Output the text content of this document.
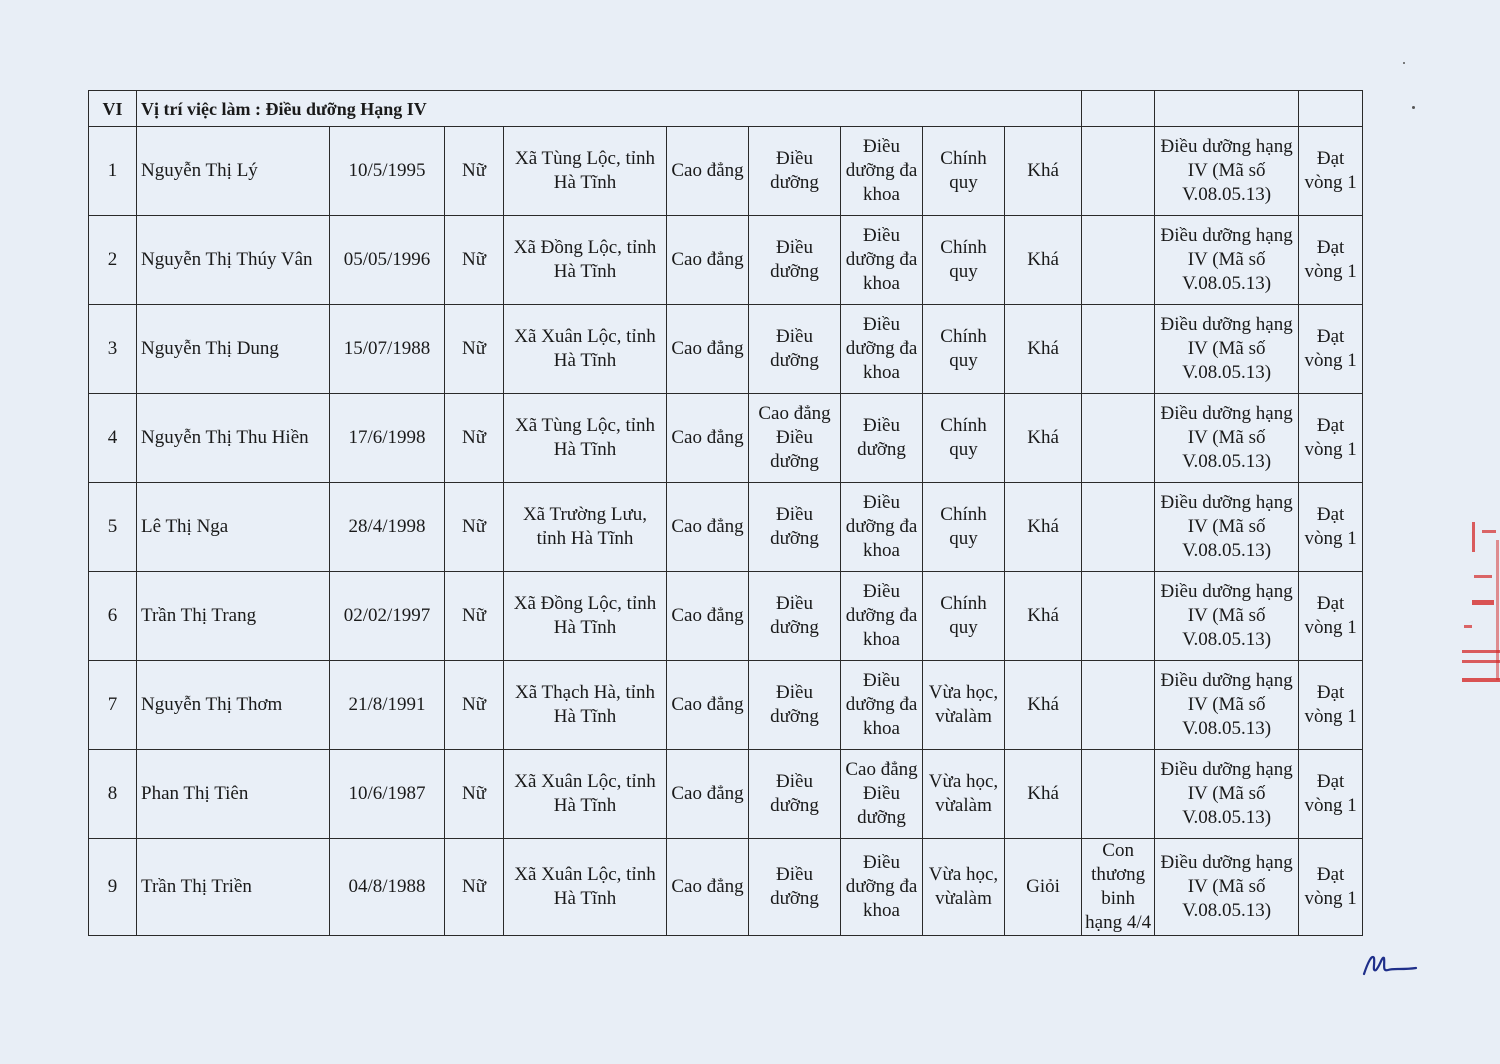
VI	Vị trí việc làm : Điều dưỡng Hạng IV											
1	Nguyễn Thị Lý	10/5/1995	Nữ	Xã Tùng Lộc, tỉnh Hà Tĩnh	Cao đẳng	Điều dưỡng	Điều dưỡng đa khoa	Chính quy	Khá		Điều dưỡng hạng IV (Mã số V.08.05.13)	Đạt vòng 1
2	Nguyễn Thị Thúy Vân	05/05/1996	Nữ	Xã Đồng Lộc, tỉnh Hà Tĩnh	Cao đẳng	Điều dưỡng	Điều dưỡng đa khoa	Chính quy	Khá		Điều dưỡng hạng IV (Mã số V.08.05.13)	Đạt vòng 1
3	Nguyễn Thị Dung	15/07/1988	Nữ	Xã Xuân Lộc, tỉnh Hà Tĩnh	Cao đẳng	Điều dưỡng	Điều dưỡng đa khoa	Chính quy	Khá		Điều dưỡng hạng IV (Mã số V.08.05.13)	Đạt vòng 1
4	Nguyễn Thị Thu Hiền	17/6/1998	Nữ	Xã Tùng Lộc, tỉnh Hà Tĩnh	Cao đẳng	Cao đẳng Điều dưỡng	Điều dưỡng	Chính quy	Khá		Điều dưỡng hạng IV (Mã số V.08.05.13)	Đạt vòng 1
5	Lê Thị Nga	28/4/1998	Nữ	Xã Trường Lưu, tỉnh Hà Tĩnh	Cao đẳng	Điều dưỡng	Điều dưỡng đa khoa	Chính quy	Khá		Điều dưỡng hạng IV (Mã số V.08.05.13)	Đạt vòng 1
6	Trần Thị Trang	02/02/1997	Nữ	Xã Đồng Lộc, tỉnh Hà Tĩnh	Cao đẳng	Điều dưỡng	Điều dưỡng đa khoa	Chính quy	Khá		Điều dưỡng hạng IV (Mã số V.08.05.13)	Đạt vòng 1
7	Nguyễn Thị Thơm	21/8/1991	Nữ	Xã Thạch Hà, tỉnh Hà Tĩnh	Cao đẳng	Điều dưỡng	Điều dưỡng đa khoa	Vừa học, vừalàm	Khá		Điều dưỡng hạng IV (Mã số V.08.05.13)	Đạt vòng 1
8	Phan Thị Tiên	10/6/1987	Nữ	Xã Xuân Lộc, tỉnh Hà Tĩnh	Cao đẳng	Điều dưỡng	Cao đẳng Điều dưỡng	Vừa học, vừalàm	Khá		Điều dưỡng hạng IV (Mã số V.08.05.13)	Đạt vòng 1
9	Trần Thị Triền	04/8/1988	Nữ	Xã Xuân Lộc, tỉnh Hà Tĩnh	Cao đẳng	Điều dưỡng	Điều dưỡng đa khoa	Vừa học, vừalàm	Giỏi	Con thương binh hạng 4/4	Điều dưỡng hạng IV (Mã số V.08.05.13)	Đạt vòng 1
